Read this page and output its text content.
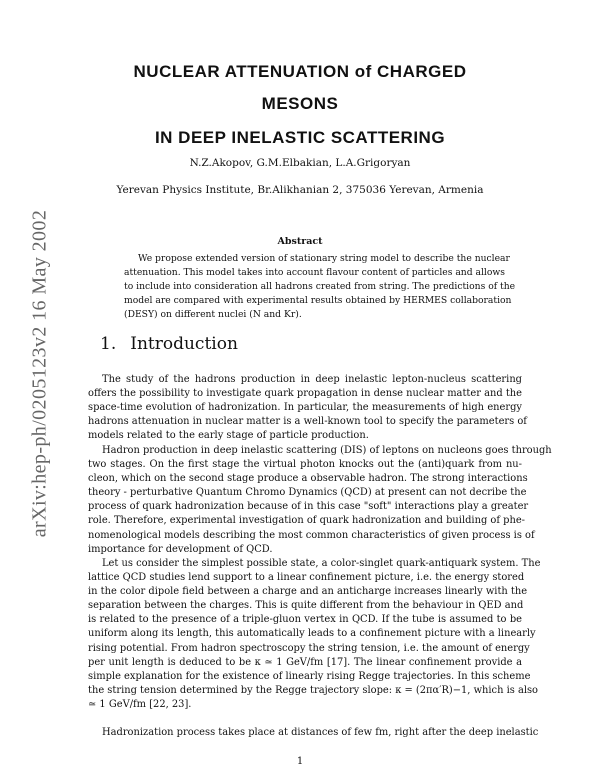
arXiv:hep-ph/0205123v2 16 May 2002
NUCLEAR ATTENUATION of CHARGED
MESONS
IN DEEP INELASTIC SCATTERING
N.Z.Akopov, G.M.Elbakian, L.A.Grigoryan
Yerevan Physics Institute, Br.Alikhanian 2, 375036 Yerevan, Armenia
Abstract
We propose extended version of stationary string model to describe the nuclear
attenuation. This model takes into account flavour content of particles and allows
to include into consideration all hadrons created from string. The predictions of the
model are compared with experimental results obtained by HERMES collaboration
(DESY) on different nuclei (N and Kr).
1. Introduction
The study of the hadrons production in deep inelastic lepton-nucleus scattering
offers the possibility to investigate quark propagation in dense nuclear matter and the
space-time evolution of hadronization. In particular, the measurements of high energy
hadrons attenuation in nuclear matter is a well-known tool to specify the parameters of
models related to the early stage of particle production.
Hadron production in deep inelastic scattering (DIS) of leptons on nucleons goes through
two stages. On the first stage the virtual photon knocks out the (anti)quark from nu-
cleon, which on the second stage produce a observable hadron. The strong interactions
theory - perturbative Quantum Chromo Dynamics (QCD) at present can not decribe the
process of quark hadronization because of in this case "soft" interactions play a greater
role. Therefore, experimental investigation of quark hadronization and building of phe-
nomenological models describing the most common characteristics of given process is of
importance for development of QCD.
Let us consider the simplest possible state, a color-singlet quark-antiquark system. The
lattice QCD studies lend support to a linear confinement picture, i.e. the energy stored
in the color dipole field between a charge and an anticharge increases linearly with the
separation between the charges. This is quite different from the behaviour in QED and
is related to the presence of a triple-gluon vertex in QCD. If the tube is assumed to be
uniform along its length, this automatically leads to a confinement picture with a linearly
rising potential. From hadron spectroscopy the string tension, i.e. the amount of energy
per unit length is deduced to be κ ≃ 1 GeV/fm [17]. The linear confinement provide a
simple explanation for the existence of linearly rising Regge trajectories. In this scheme
the string tension determined by the Regge trajectory slope: κ = (2πα′R)−1, which is also
≃ 1 GeV/fm [22, 23].
Hadronization process takes place at distances of few fm, right after the deep inelastic
1
